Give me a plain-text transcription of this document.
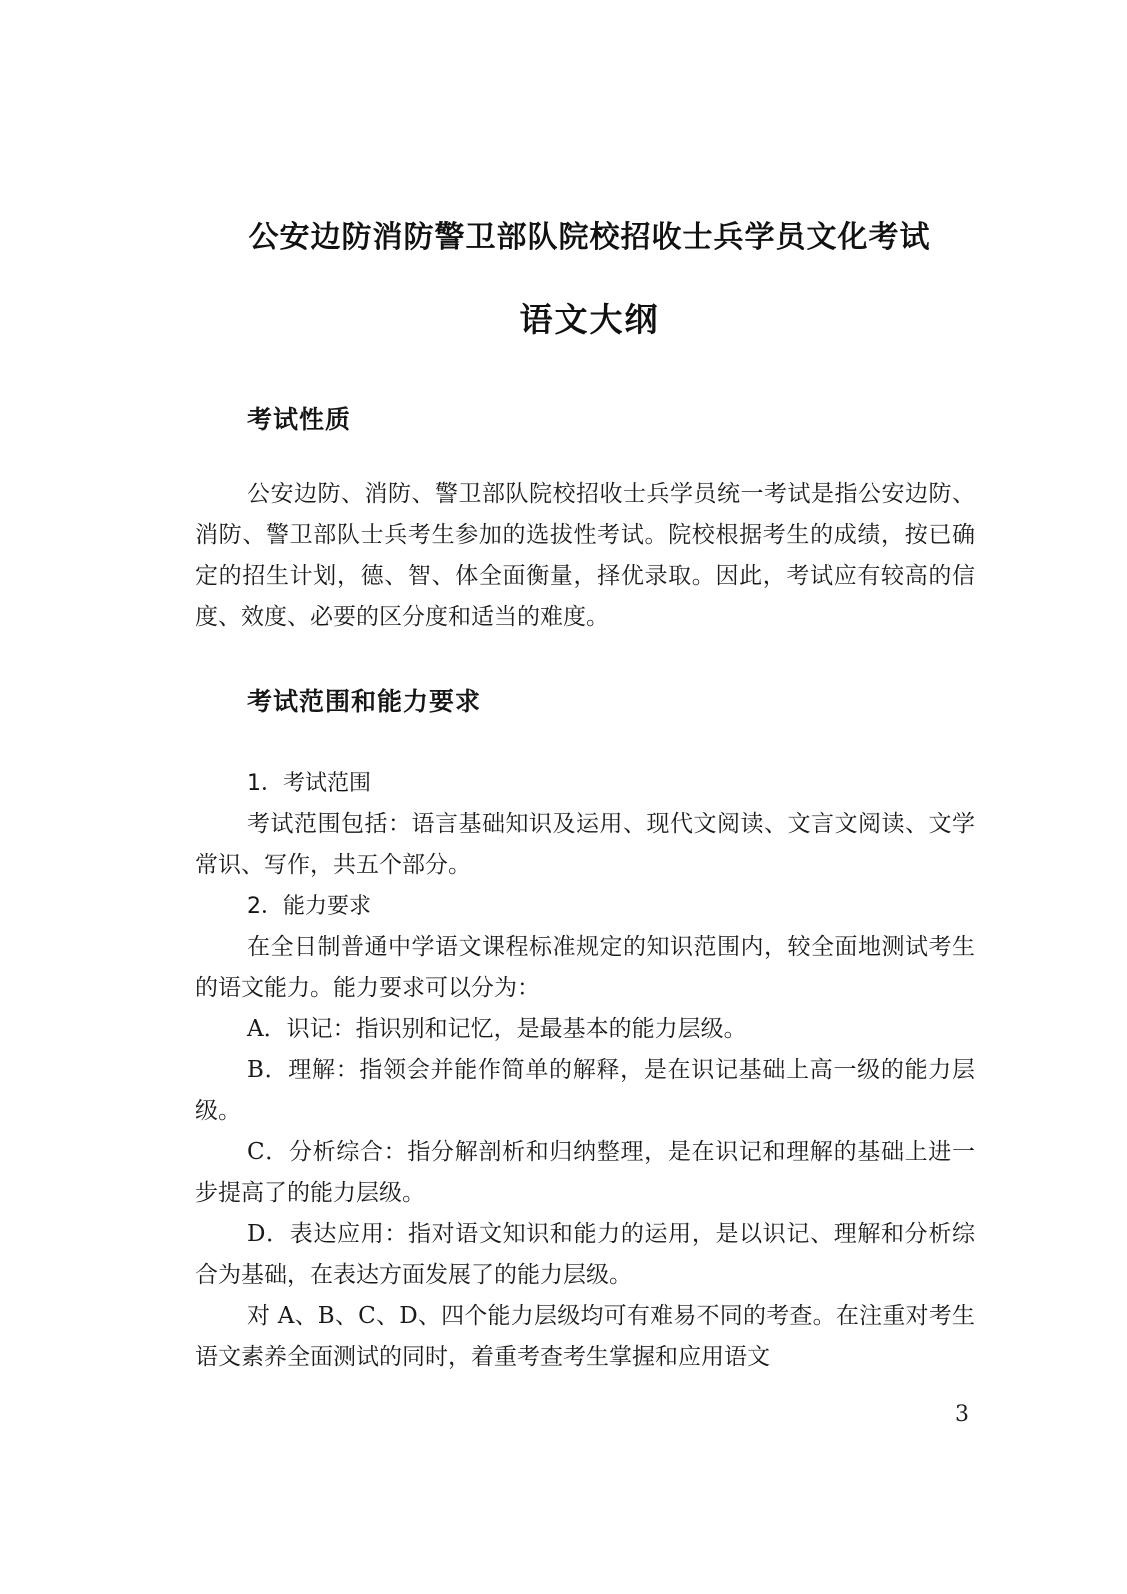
公安边防消防警卫部队院校招收士兵学员文化考试
语文大纲
考试性质

公安边防、消防、警卫部队院校招收士兵学员统一考试是指公安边防、消防、警卫部队士兵考生参加的选拔性考试。院校根据考生的成绩，按已确定的招生计划，德、智、体全面衡量，择优录取。因此，考试应有较高的信度、效度、必要的区分度和适当的难度。

考试范围和能力要求

1．考试范围

考试范围包括：语言基础知识及运用、现代文阅读、文言文阅读、文学常识、写作，共五个部分。

2．能力要求

在全日制普通中学语文课程标准规定的知识范围内，较全面地测试考生的语文能力。能力要求可以分为：

A．识记：指识别和记忆，是最基本的能力层级。

B．理解：指领会并能作简单的解释，是在识记基础上高一级的能力层级。

C．分析综合：指分解剖析和归纳整理，是在识记和理解的基础上进一步提高了的能力层级。

D．表达应用：指对语文知识和能力的运用，是以识记、理解和分析综合为基础，在表达方面发展了的能力层级。

对 A、B、C、D、四个能力层级均可有难易不同的考查。在注重对考生语文素养全面测试的同时，着重考查考生掌握和应用语文

3
